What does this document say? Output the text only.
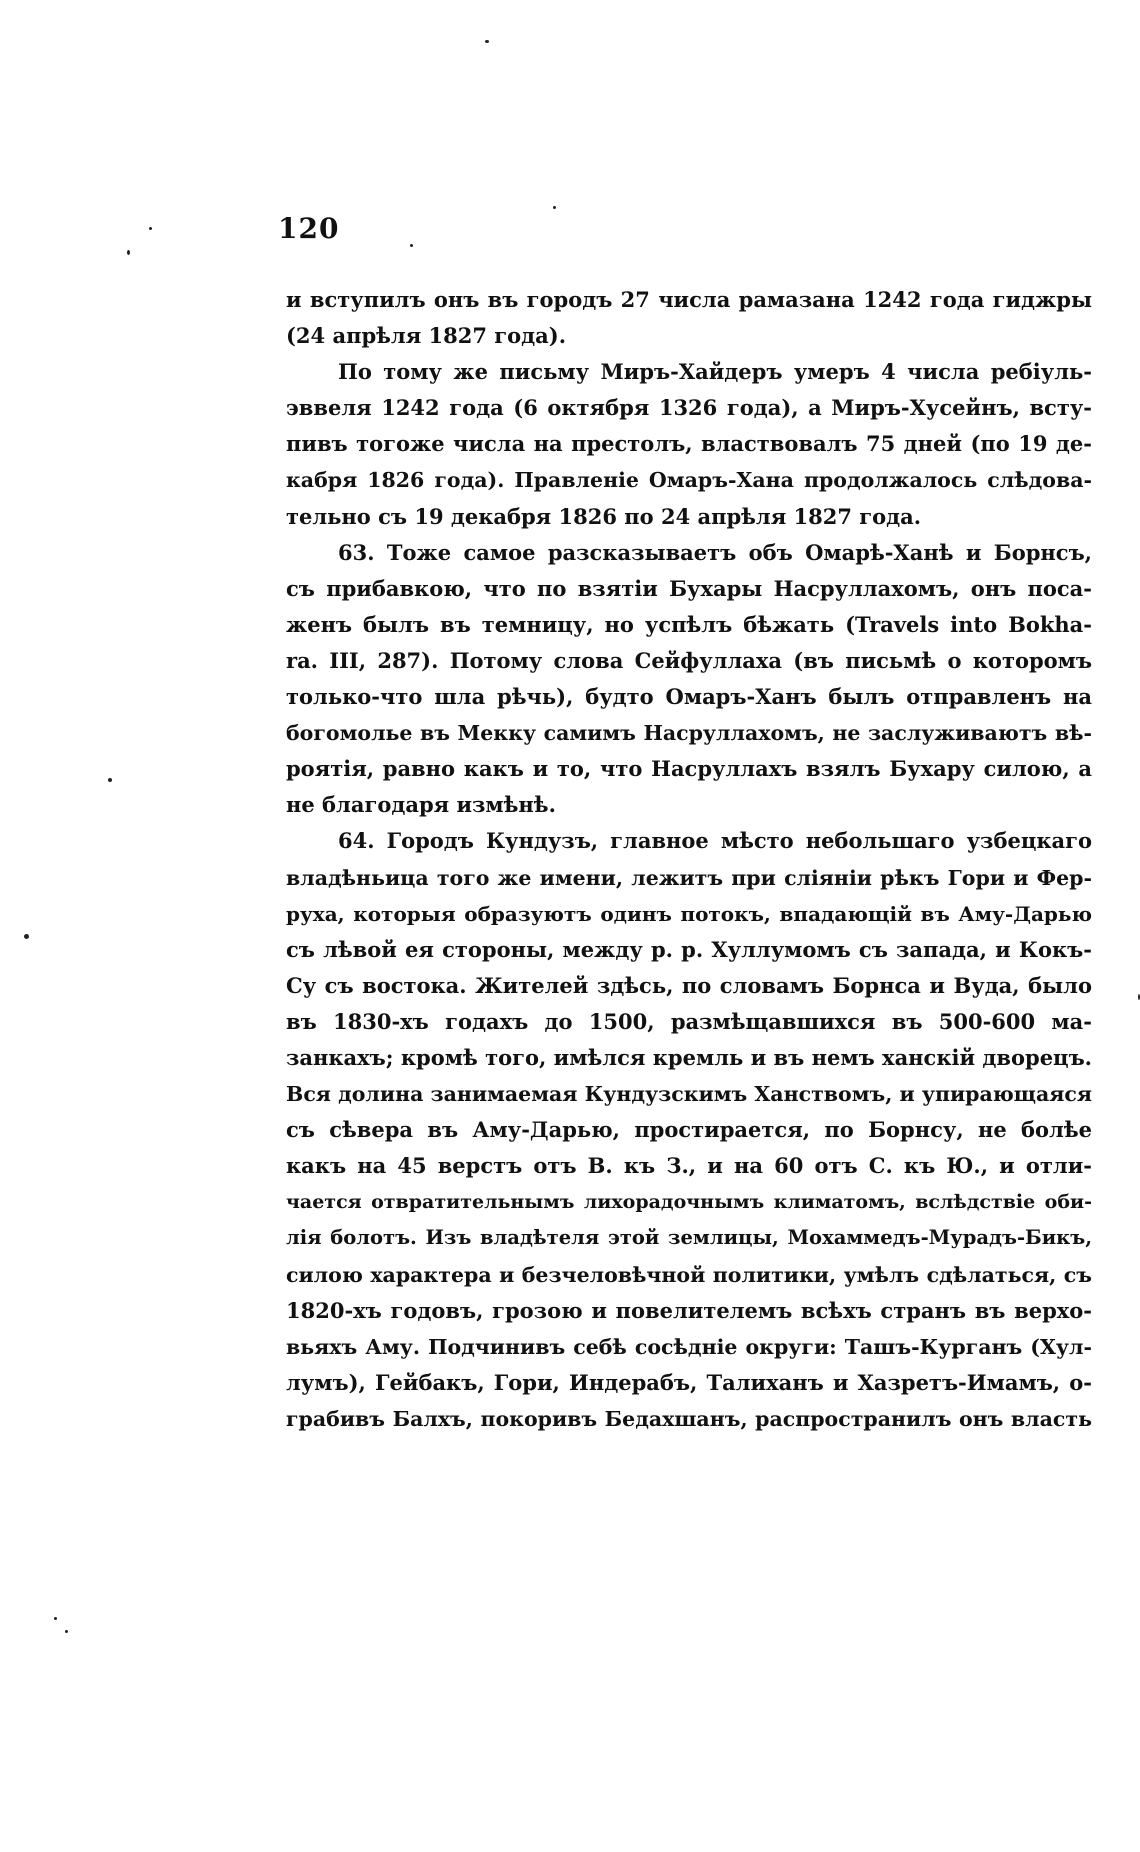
120
и вступилъ онъ въ городъ 27 числа рамазана 1242 года гиджры
(24 апрѣля 1827 года).
По тому же письму Миръ-Хайдеръ умеръ 4 числа ребіуль-
эввеля 1242 года (6 октября 1326 года), а Миръ-Хусейнъ, всту-
пивъ тогоже числа на престолъ, властвовалъ 75 дней (по 19 де-
кабря 1826 года). Правленіе Омаръ-Хана продолжалось слѣдова-
тельно съ 19 декабря 1826 по 24 апрѣля 1827 года.
63. Тоже самое разсказываетъ объ Омарѣ-Ханѣ и Борнсъ,
съ прибавкою, что по взятіи Бухары Насруллахомъ, онъ поса-
женъ былъ въ темницу, но успѣлъ бѣжать (Travels into Bokha-
ra. III, 287). Потому слова Сейфуллаха (въ письмѣ о которомъ
только-что шла рѣчь), будто Омаръ-Ханъ былъ отправленъ на
богомолье въ Мекку самимъ Насруллахомъ, не заслуживаютъ вѣ-
роятія, равно какъ и то, что Насруллахъ взялъ Бухару силою, а
не благодаря измѣнѣ.
64. Городъ Кундузъ, главное мѣсто небольшаго узбецкаго
владѣньица того же имени, лежитъ при сліяніи рѣкъ Гори и Фер-
руха, которыя образуютъ одинъ потокъ, впадающій въ Аму-Дарью
съ лѣвой ея стороны, между р. р. Хуллумомъ съ запада, и Кокъ-
Су съ востока. Жителей здѣсь, по словамъ Борнса и Вуда, было
въ 1830-хъ годахъ до 1500, размѣщавшихся въ 500-600 ма-
занкахъ; кромѣ того, имѣлся кремль и въ немъ ханскій дворецъ.
Вся долина занимаемая Кундузскимъ Ханствомъ, и упирающаяся
съ сѣвера въ Аму-Дарью, простирается, по Борнсу, не болѣе
какъ на 45 верстъ отъ В. къ З., и на 60 отъ С. къ Ю., и отли-
чается отвратительнымъ лихорадочнымъ климатомъ, вслѣдствіе оби-
лія болотъ. Изъ владѣтеля этой землицы, Мохаммедъ-Мурадъ-Бикъ,
силою характера и безчеловѣчной политики, умѣлъ сдѣлаться, съ
1820-хъ годовъ, грозою и повелителемъ всѣхъ странъ въ верхо-
вьяхъ Аму. Подчинивъ себѣ сосѣдніе округи: Ташъ-Курганъ (Хул-
лумъ), Гейбакъ, Гори, Индерабъ, Талиханъ и Хазретъ-Имамъ, о-
грабивъ Балхъ, покоривъ Бедахшанъ, распространилъ онъ власть
